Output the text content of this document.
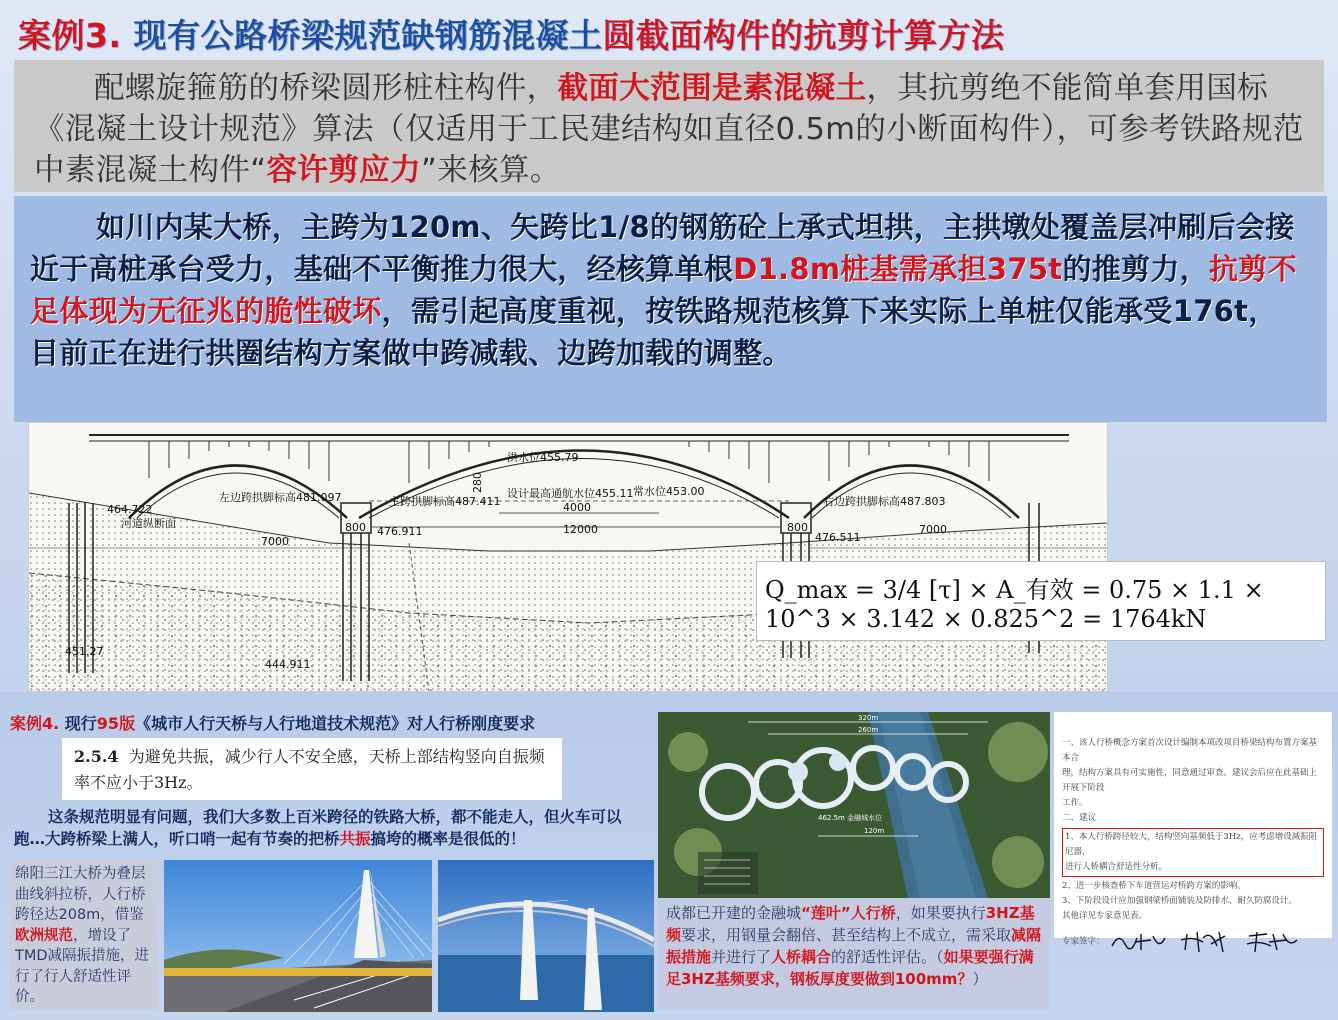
案例3. 现有公路桥梁规范缺钢筋混凝土圆截面构件的抗剪计算方法

配螺旋箍筋的桥梁圆形桩柱构件，截面大范围是素混凝土，其抗剪绝不能简单套用国标《混凝土设计规范》算法（仅适用于工民建结构如直径0.5m的小断面构件），可参考铁路规范中素混凝土构件“容许剪应力”来核算。

如川内某大桥，主跨为120m、矢跨比1/8的钢筋砼上承式坦拱，主拱墩处覆盖层冲刷后会接近于高桩承台受力，基础不平衡推力很大，经核算单根D1.8m桩基需承担375t的推剪力，抗剪不足体现为无征兆的脆性破坏，需引起高度重视，按铁路规范核算下来实际上单桩仅能承受176t，目前正在进行拱圈结构方案做中跨减载、边跨加载的调整。

洪水位455.79
设计最高通航水位455.11 常水位453.00
左边跨拱脚标高481.097	主跨拱脚标高487.411	右边跨拱脚标高487.803
4000
12000
7000
7000
800	800
476.911	476.511
464.722
451.27
444.911
280
河道纵断面
Q_max = 3/4 [τ] × A_有效 = 0.75 × 1.1 × 10^3 × 3.142 × 0.825^2 = 1764kN
案例4. 现行95版《城市人行天桥与人行地道技术规范》对人行桥刚度要求
2.5.4 为避免共振，减少行人不安全感，天桥上部结构竖向自振频率不应小于3Hz。
这条规范明显有问题，我们大多数上百米跨径的铁路大桥，都不能走人，但火车可以跑…大跨桥梁上满人，听口哨一起有节奏的把桥共振搞垮的概率是很低的！
绵阳三江大桥为叠层曲线斜拉桥，人行桥跨径达208m，借鉴欧洲规范，增设了TMD减隔振措施，进行了行人舒适性评价。
320m
260m
120m
462.5m 金融城水位
成都已开建的金融城“莲叶”人行桥，如果要执行3HZ基频要求，用钢量会翻倍、甚至结构上不成立，需采取减隔振措施并进行了人桥耦合的舒适性评估。（如果要强行满足3HZ基频要求，钢板厚度要做到100mm？）
一、该人行桥概念方案首次设计编制本项改项目桥梁结构布置方案基本合
理，结构方案具有可实施性，同意通过审查。建议会后应在此基础上开展下阶段
工作。
二、建议
1、本人行桥跨径较大，结构竖向基频低于3Hz，应考虑增设减振阻尼器，
进行人桥耦合舒适性分析。
2、进一步核查桥下车道营运对桥跨方案的影响。
3、下阶段设计应加强钢梁桥面铺装及防排水、耐久防腐设计。
其他详见专家意见表。
专家签字：
